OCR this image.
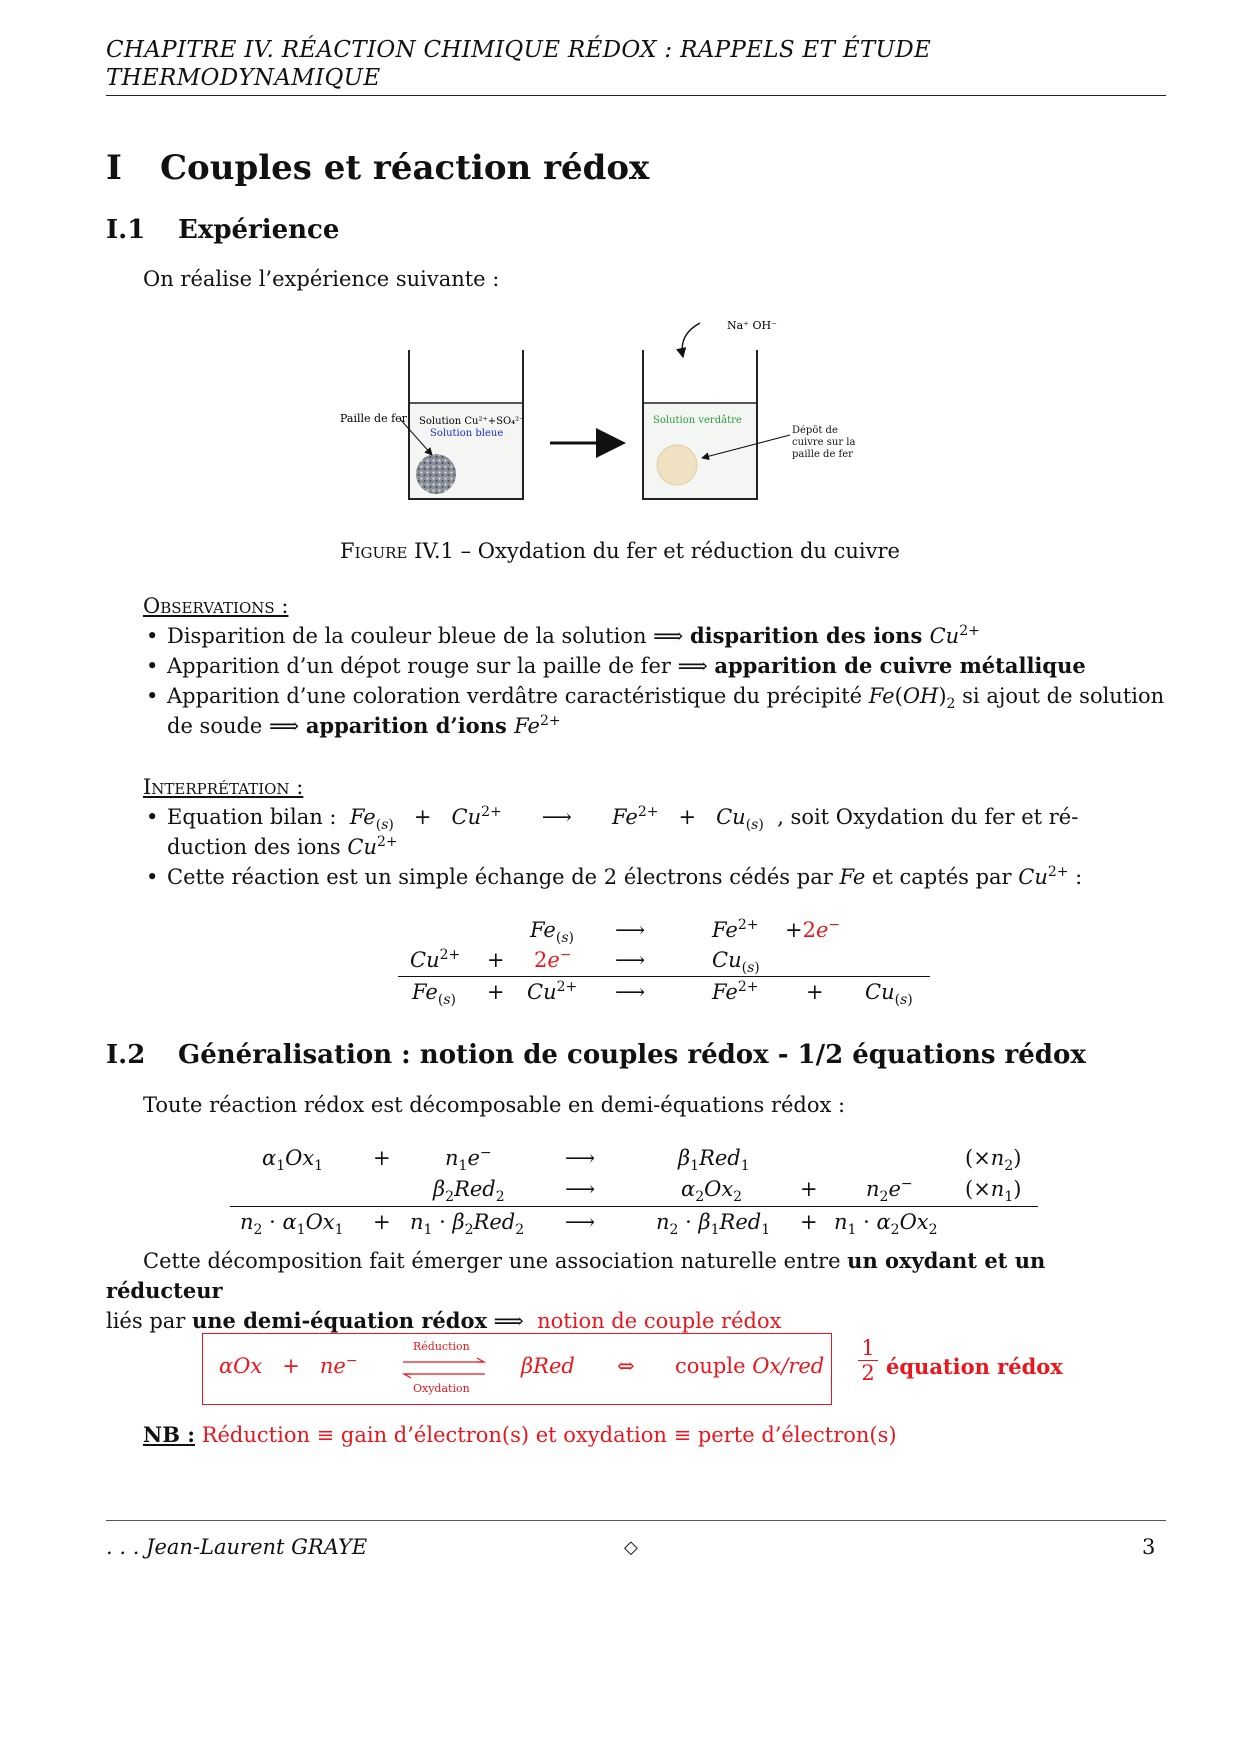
CHAPITRE IV. RÉACTION CHIMIQUE RÉDOX : RAPPELS ET ÉTUDE THERMODYNAMIQUE
I Couples et réaction rédox
I.1 Expérience
On réalise l’expérience suivante :
Na⁺ OH⁻
Paille de fer Solution Cu²⁺+SO₄²⁻
Solution bleue
Solution verdâtre
Dépôt de cuivre sur la paille de fer
Figure IV.1 – Oxydation du fer et réduction du cuivre
Observations :
• Disparition de la couleur bleue de la solution ⟹ disparition des ions $Cu^{2+}$
• Apparition d’un dépot rouge sur la paille de fer ⟹ apparition de cuivre métallique
• Apparition d’une coloration verdâtre caractéristique du précipité $Fe(OH)_2$ si ajout de solution de soude ⟹ apparition d’ions $Fe^{2+}$
Interprétation :
• Equation bilan : $Fe_{(s)} + Cu^{2+}$      ⟶      $Fe^{2+} + Cu_{(s)}$ , soit Oxydation du fer et ré-
duction des ions $Cu^{2+}$
• Cette réaction est un simple échange de 2 électrons cédés par Fe et captés par $Cu^{2+}$ :
$Fe_{(s)}$ ⟶	$Fe^{2+} +2e^-$
$Cu^{2+} + 2e^-$ ⟶	$Cu_{(s)}$
$Fe_{(s)} + Cu^{2+}$ ⟶	$Fe^{2+} + Cu_{(s)}$
I.2 Généralisation : notion de couples rédox - 1/2 équations rédox
Toute réaction rédox est décomposable en demi-équations rédox :
$\alpha_1Ox_1$ +	$n_1e^-$	⟶	$\beta_1Red_1$	$(\times n_2)$
$\beta_2Red_2$	⟶	$\alpha_2Ox_2$	+ $n_2e^-$ $(\times n_1)$
$n_2 \cdot \alpha_1Ox_1 + n_1 \cdot \beta_2Red_2$ ⟶	$n_2 \cdot \beta_1Red_1 + n_1 \cdot \alpha_2Ox_2$
Cette décomposition fait émerger une association naturelle entre un oxydant et un réducteur
liés par une demi-équation rédox ⟹  notion de couple rédox
αOx   +   ne−
Réduction
Oxydation
βRed ⇔ couple Ox/red
1
2 équation rédox
NB : Réduction ≡ gain d’électron(s) et oxydation ≡ perte d’électron(s)
. . . Jean-Laurent GRAYE	◇	3
